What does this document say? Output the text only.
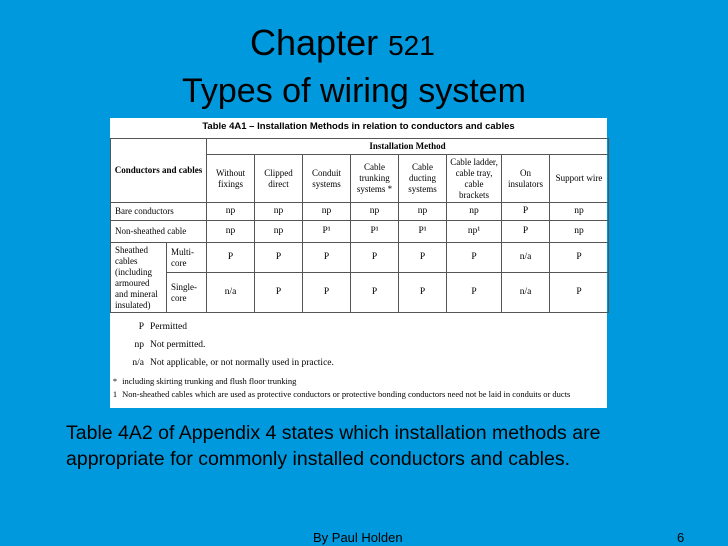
Chapter 521
Types of wiring system
Table 4A1 – Installation Methods in relation to conductors and cables
Conductors and cables		Installation Method							
		Without fixings	Clipped direct	Conduit systems	Cable trunking systems *	Cable ducting systems	Cable ladder, cable tray, cable brackets	On insulators	Support wire
Bare conductors		np	np	np	np	np	np	P	np
Non-sheathed cable		np	np	P¹	P¹	P¹	np¹	P	np
Sheathed cables (including armoured and mineral insulated)	Multi-core	P	P	P	P	P	P	n/a	P
	Single-core	n/a	P	P	P	P	P	n/a	P
P Permitted
np Not permitted.
n/a Not applicable, or not normally used in practice.
* including skirting trunking and flush floor trunking
1 Non-sheathed cables which are used as protective conductors or protective bonding conductors need not be laid in conduits or ducts
Table 4A2 of Appendix 4 states which installation methods are appropriate for commonly installed conductors and cables.
By Paul Holden	6
